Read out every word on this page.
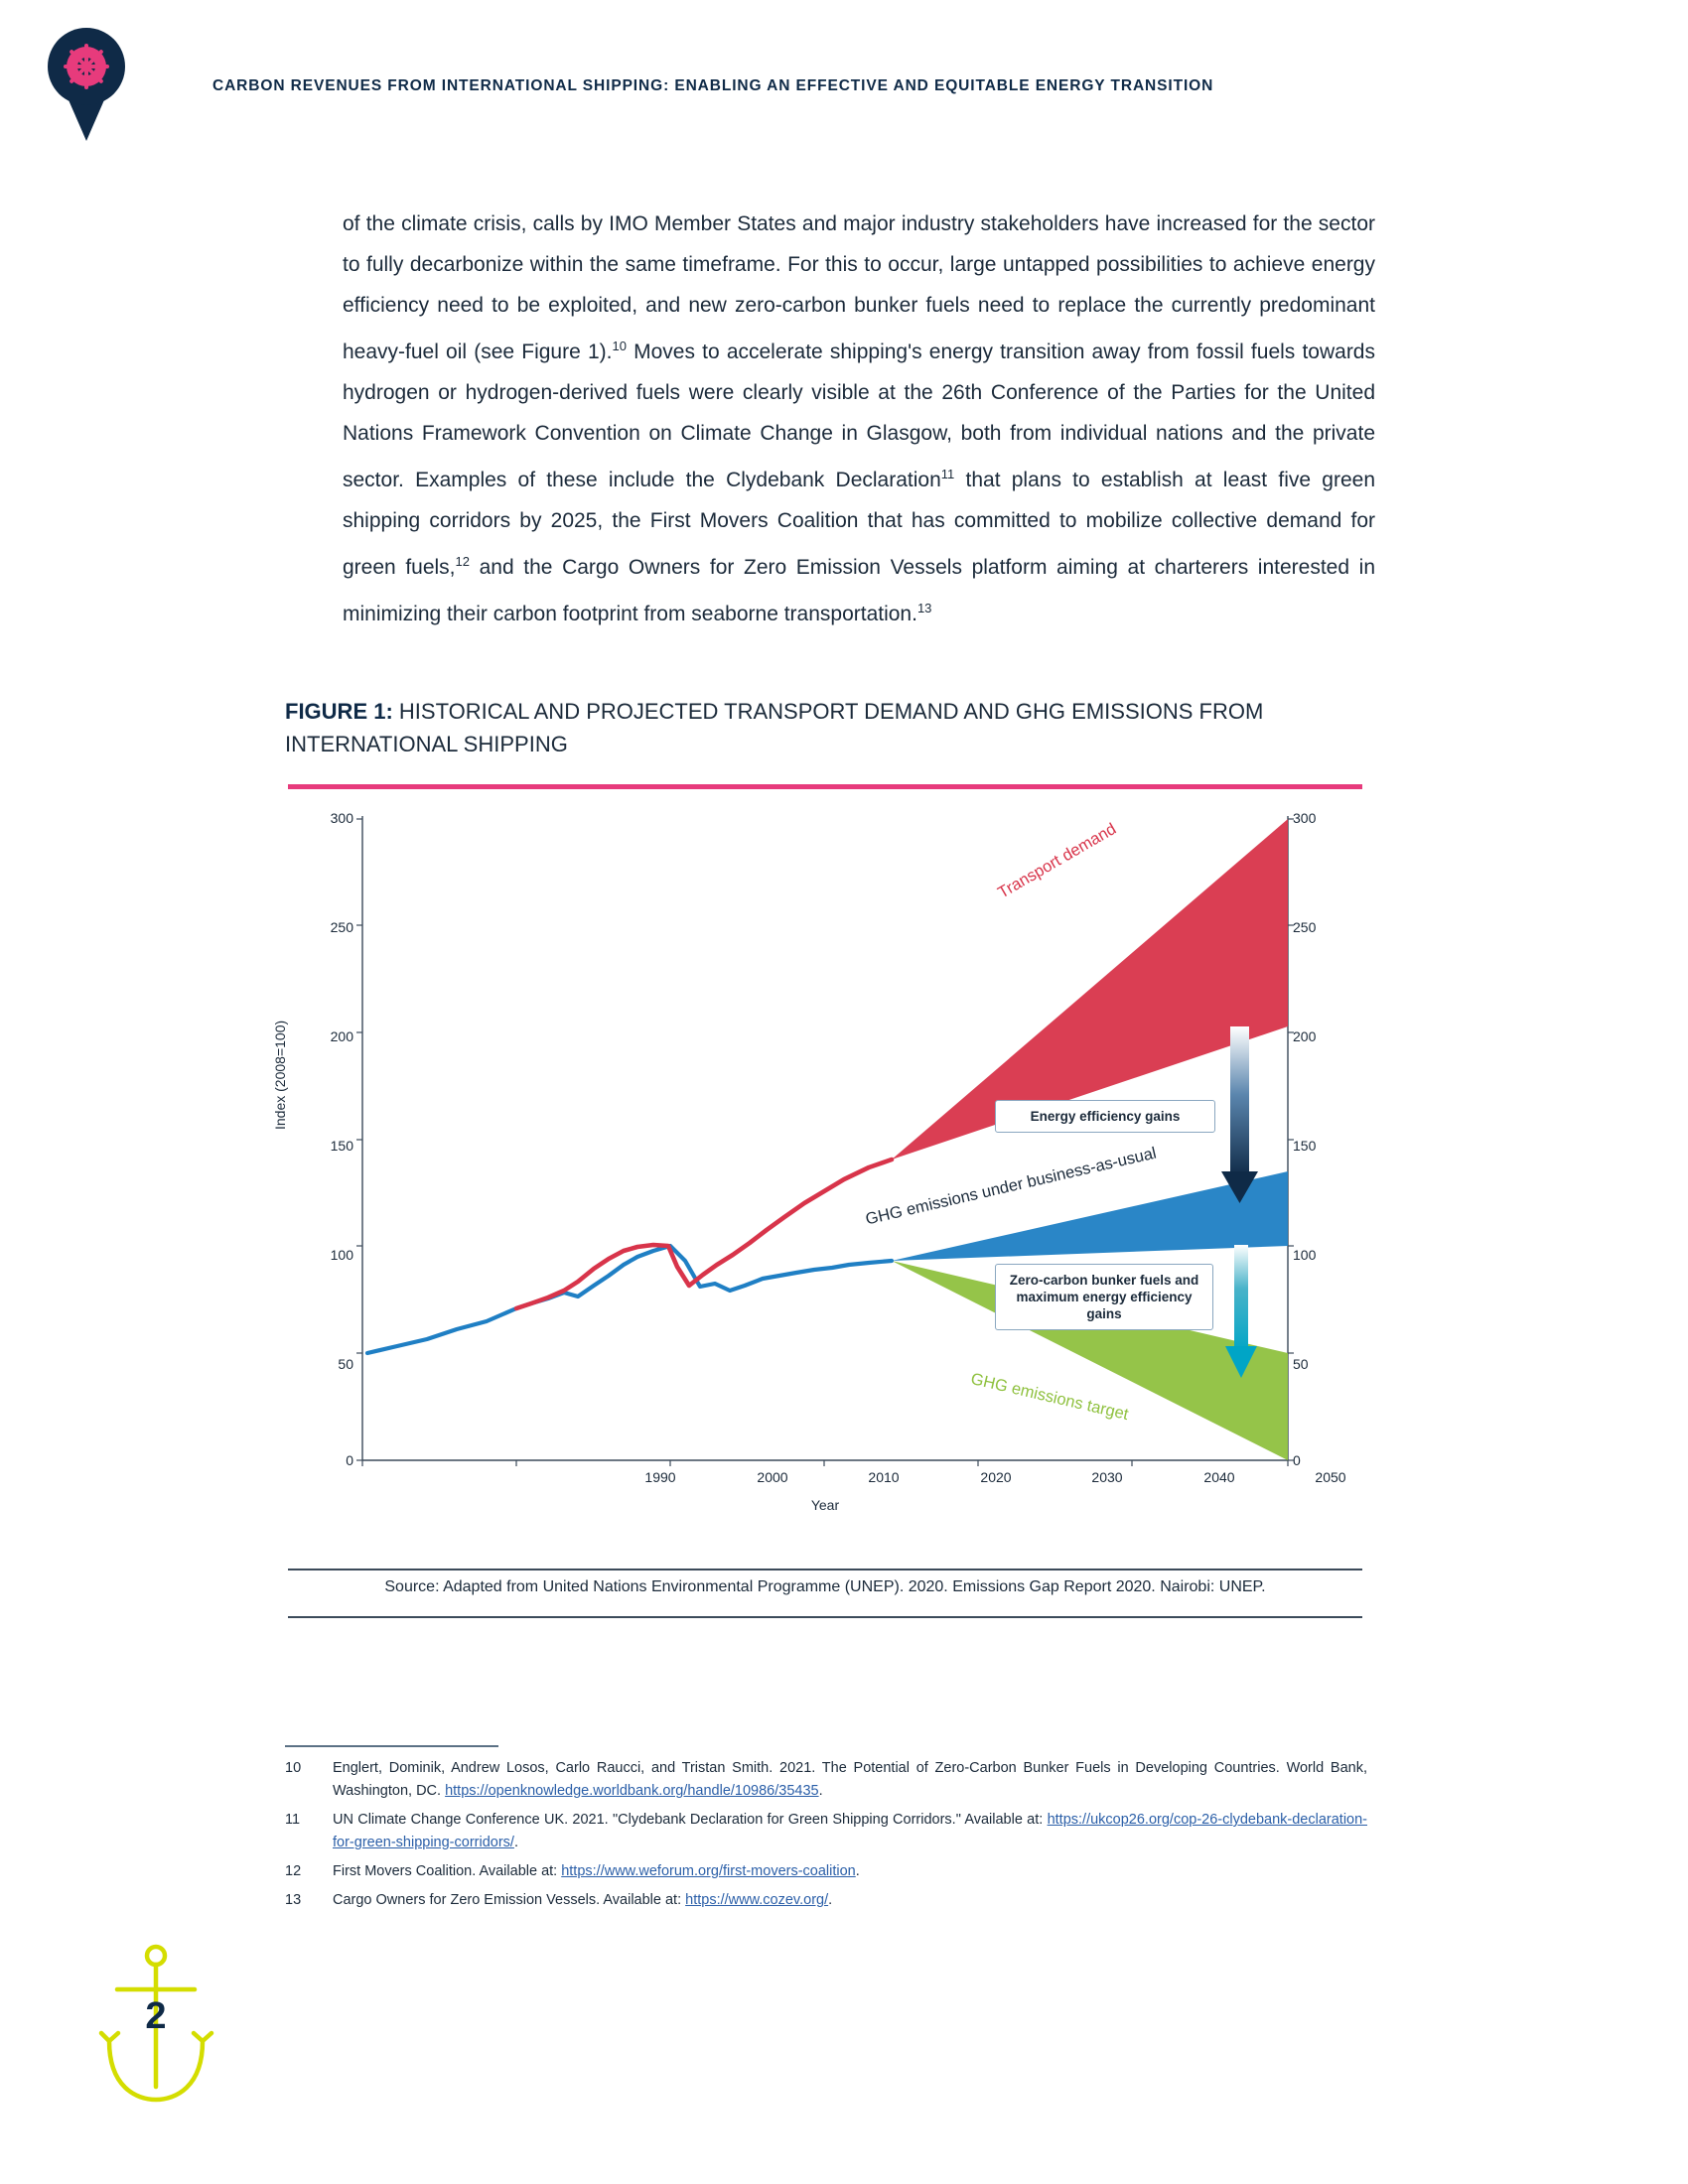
CARBON REVENUES FROM INTERNATIONAL SHIPPING: ENABLING AN EFFECTIVE AND EQUITABLE ENERGY TRANSITION
of the climate crisis, calls by IMO Member States and major industry stakeholders have increased for the sector to fully decarbonize within the same timeframe. For this to occur, large untapped possibilities to achieve energy efficiency need to be exploited, and new zero-carbon bunker fuels need to replace the currently predominant heavy-fuel oil (see Figure 1).$^{10}$ Moves to accelerate shipping's energy transition away from fossil fuels towards hydrogen or hydrogen-derived fuels were clearly visible at the 26th Conference of the Parties for the United Nations Framework Convention on Climate Change in Glasgow, both from individual nations and the private sector. Examples of these include the Clydebank Declaration$^{11}$ that plans to establish at least five green shipping corridors by 2025, the First Movers Coalition that has committed to mobilize collective demand for green fuels,$^{12}$ and the Cargo Owners for Zero Emission Vessels platform aiming at charterers interested in minimizing their carbon footprint from seaborne transportation.$^{13}$
FIGURE 1: HISTORICAL AND PROJECTED TRANSPORT DEMAND AND GHG EMISSIONS FROM INTERNATIONAL SHIPPING
300
250
200
150
100
50
0
300
250
200
150
100
50
0
1990	2000	2010	2020	2030	2040	2050
Index (2008=100)
Year
Transport demand
GHG emissions under business-as-usual
GHG emissions target
Energy efficiency gains
Zero-carbon bunker fuels and maximum energy efficiency gains
Source: Adapted from United Nations Environmental Programme (UNEP). 2020. Emissions Gap Report 2020. Nairobi: UNEP.
10	Englert, Dominik, Andrew Losos, Carlo Raucci, and Tristan Smith. 2021. The Potential of Zero-Carbon Bunker Fuels in Developing Countries. World Bank, Washington, DC. https://openknowledge.worldbank.org/handle/10986/35435.
11	UN Climate Change Conference UK. 2021. "Clydebank Declaration for Green Shipping Corridors." Available at: https://ukcop26.org/cop-26-clydebank-declaration-for-green-shipping-corridors/.
12	First Movers Coalition. Available at: https://www.weforum.org/first-movers-coalition.
13	Cargo Owners for Zero Emission Vessels. Available at: https://www.cozev.org/.
2
